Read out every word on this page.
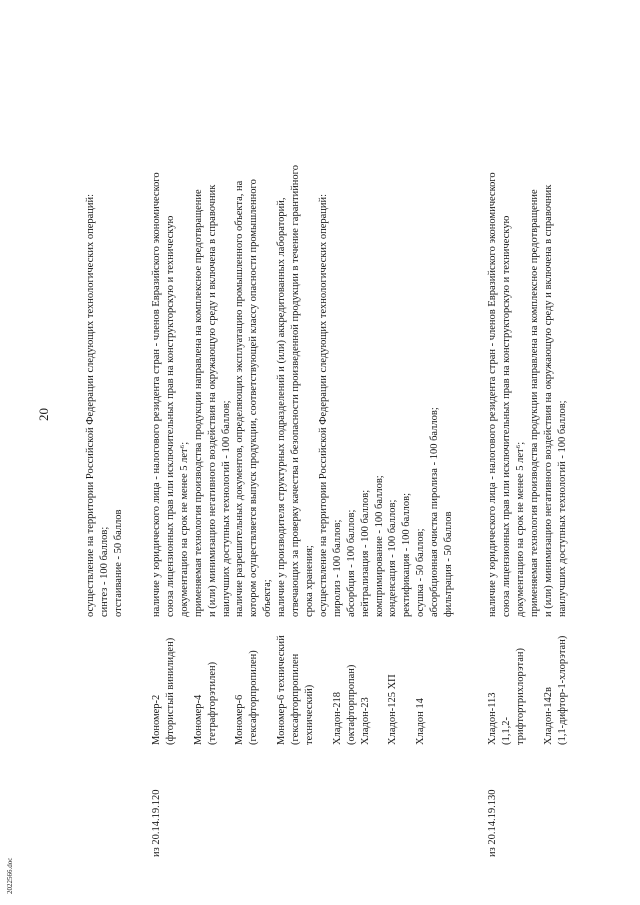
20
2022566.doc
осуществление на территории Российской Федерации следующих технологических операций: синтез - 100 баллов; отстаивание - 50 баллов
из 20.14.19.120
Мономер-2 (фтористый винилиден) Мономер-4 (тетрафторэтилен) Мономер-6 (гексафторпропилен) Мономер-6 технический (гексафторпропилен технический) Хладон-218 (октафторпропан) Хладон-23 Хладон-125 ХП Хладон 14
наличие у юридического лица - налогового резидента стран - членов Евразийского экономического союза лицензионных прав или исключительных прав на конструкторскую и техническую документацию на срок не менее 5 лет⁶; применяемая технология производства продукции направлена на комплексное предотвращение и (или) минимизацию негативного воздействия на окружающую среду и включена в справочник наилучших доступных технологий - 100 баллов; наличие разрешительных документов, определяющих эксплуатацию промышленного объекта, на котором осуществляется выпуск продукции, соответствующей классу опасности промышленного объекта; наличие у производителя структурных подразделений и (или) аккредитованных лабораторий, отвечающих за проверку качества и безопасности произведенной продукции в течение гарантийного срока хранения; осуществление на территории Российской Федерации следующих технологических операций: пиролиз - 100 баллов; абсорбция - 100 баллов; нейтрализация - 100 баллов; компримирование - 100 баллов; конденсация - 100 баллов; ректификация - 100 баллов; осушка - 50 баллов; абсорбционная очистка пиролиза - 100 баллов; фильтрация - 50 баллов
из 20.14.19.130
Хладон-113 (1,1,2- трифтортрихлорэтан) Хладон-142в (1,1-дифтор-1-хлорэтан)
наличие у юридического лица - налогового резидента стран - членов Евразийского экономического союза лицензионных прав или исключительных прав на конструкторскую и техническую документацию на срок не менее 5 лет⁶; применяемая технология производства продукции направлена на комплексное предотвращение и (или) минимизацию негативного воздействия на окружающую среду и включена в справочник наилучших доступных технологий - 100 баллов;
